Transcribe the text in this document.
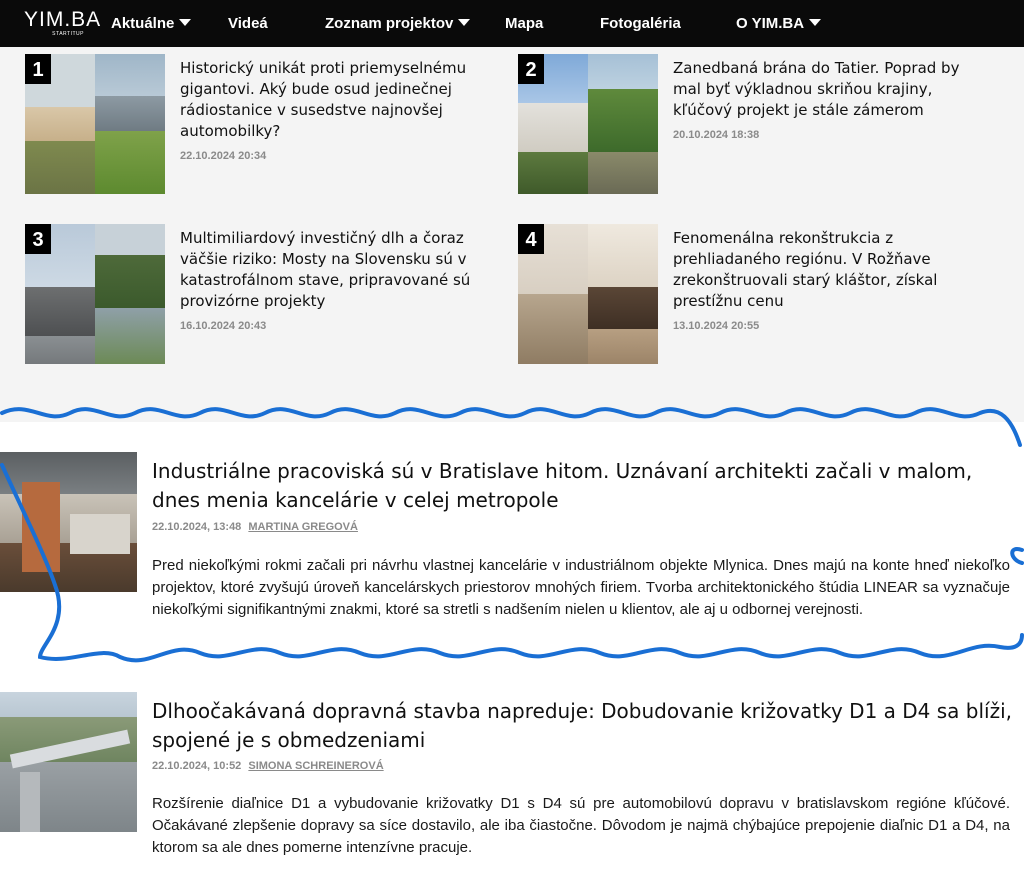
YIM.BA
STARTITUP
Aktuálne	Videá	Zoznam projektov	Mapa	Fotogaléria	O YIM.BA
1	Historický unikát proti priemyselnému gigantovi. Aký bude osud jedinečnej rádiostanice v susedstve najnovšej automobilky?
22.10.2024 20:34
2	Zanedbaná brána do Tatier. Poprad by mal byť výkladnou skriňou krajiny, kľúčový projekt je stále zámerom
20.10.2024 18:38
3	Multimiliardový investičný dlh a čoraz väčšie riziko: Mosty na Slovensku sú v katastrofálnom stave, pripravované sú provizórne projekty
16.10.2024 20:43
4	Fenomenálna rekonštrukcia z prehliadaného regiónu. V Rožňave zrekonštruovali starý kláštor, získal prestížnu cenu
13.10.2024 20:55
Industriálne pracoviská sú v Bratislave hitom. Uznávaní architekti začali v malom, dnes menia kancelárie v celej metropole
22.10.2024, 13:48 MARTINA GREGOVÁ
Pred niekoľkými rokmi začali pri návrhu vlastnej kancelárie v industriálnom objekte Mlynica. Dnes majú na konte hneď niekoľko projektov, ktoré zvyšujú úroveň kancelárskych priestorov mnohých firiem. Tvorba architektonického štúdia LINEAR sa vyznačuje niekoľkými signifikantnými znakmi, ktoré sa stretli s nadšením nielen u klientov, ale aj u odbornej verejnosti.
Dlhoočakávaná dopravná stavba napreduje: Dobudovanie križovatky D1 a D4 sa blíži, spojené je s obmedzeniami
22.10.2024, 10:52 SIMONA SCHREINEROVÁ
Rozšírenie diaľnice D1 a vybudovanie križovatky D1 s D4 sú pre automobilovú dopravu v bratislavskom regióne kľúčové. Očakávané zlepšenie dopravy sa síce dostavilo, ale iba čiastočne. Dôvodom je najmä chýbajúce prepojenie diaľnic D1 a D4, na ktorom sa ale dnes pomerne intenzívne pracuje.
